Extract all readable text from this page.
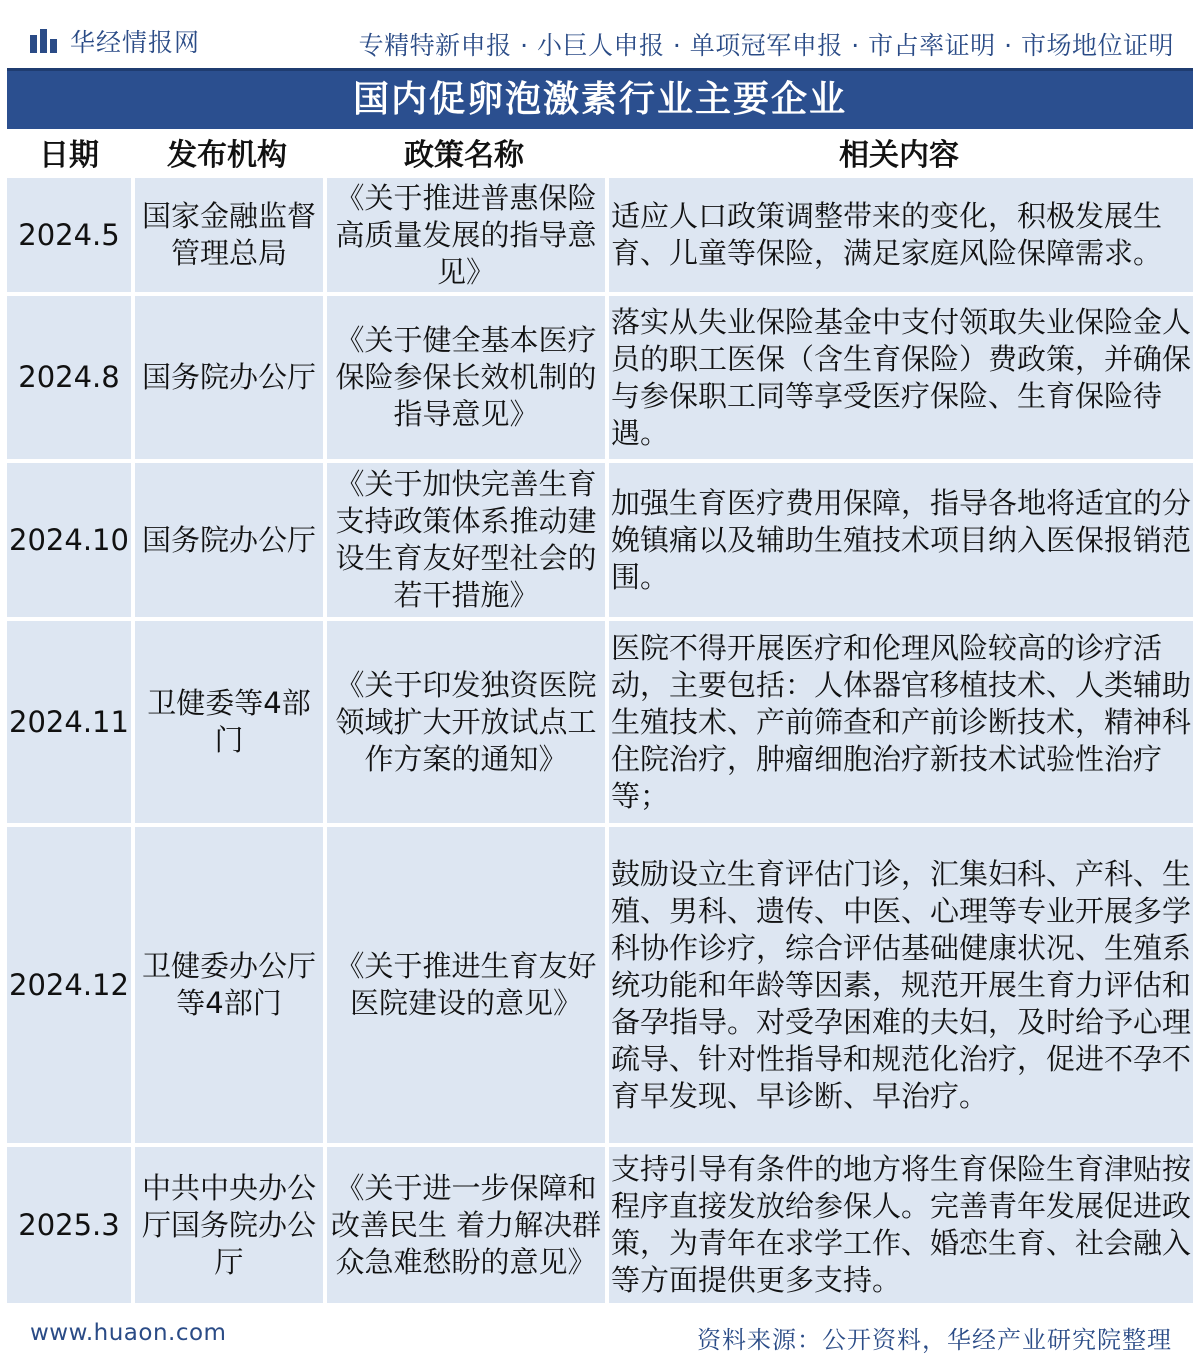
华经情报网	专精特新申报 · 小巨人申报 · 单项冠军申报 · 市占率证明 · 市场地位证明
国内促卵泡激素行业主要企业
日期	发布机构	政策名称	相关内容
2024.5	国家金融监督管理总局	《关于推进普惠保险高质量发展的指导意见》	适应人口政策调整带来的变化，积极发展生育、儿童等保险，满足家庭风险保障需求。
2024.8	国务院办公厅	《关于健全基本医疗保险参保长效机制的指导意见》	落实从失业保险基金中支付领取失业保险金人员的职工医保（含生育保险）费政策，并确保与参保职工同等享受医疗保险、生育保险待遇。
2024.10	国务院办公厅	《关于加快完善生育支持政策体系推动建设生育友好型社会的若干措施》	加强生育医疗费用保障，指导各地将适宜的分娩镇痛以及辅助生殖技术项目纳入医保报销范围。
2024.11	卫健委等4部门	《关于印发独资医院领域扩大开放试点工作方案的通知》	医院不得开展医疗和伦理风险较高的诊疗活动，主要包括：人体器官移植技术、人类辅助生殖技术、产前筛查和产前诊断技术，精神科住院治疗，肿瘤细胞治疗新技术试验性治疗等；
2024.12	卫健委办公厅等4部门	《关于推进生育友好医院建设的意见》	鼓励设立生育评估门诊，汇集妇科、产科、生殖、男科、遗传、中医、心理等专业开展多学科协作诊疗，综合评估基础健康状况、生殖系统功能和年龄等因素，规范开展生育力评估和备孕指导。对受孕困难的夫妇，及时给予心理疏导、针对性指导和规范化治疗，促进不孕不育早发现、早诊断、早治疗。
2025.3	中共中央办公厅国务院办公厅	《关于进一步保障和改善民生 着力解决群众急难愁盼的意见》	支持引导有条件的地方将生育保险生育津贴按程序直接发放给参保人。完善青年发展促进政策，为青年在求学工作、婚恋生育、社会融入等方面提供更多支持。
www.huaon.com	资料来源：公开资料，华经产业研究院整理
